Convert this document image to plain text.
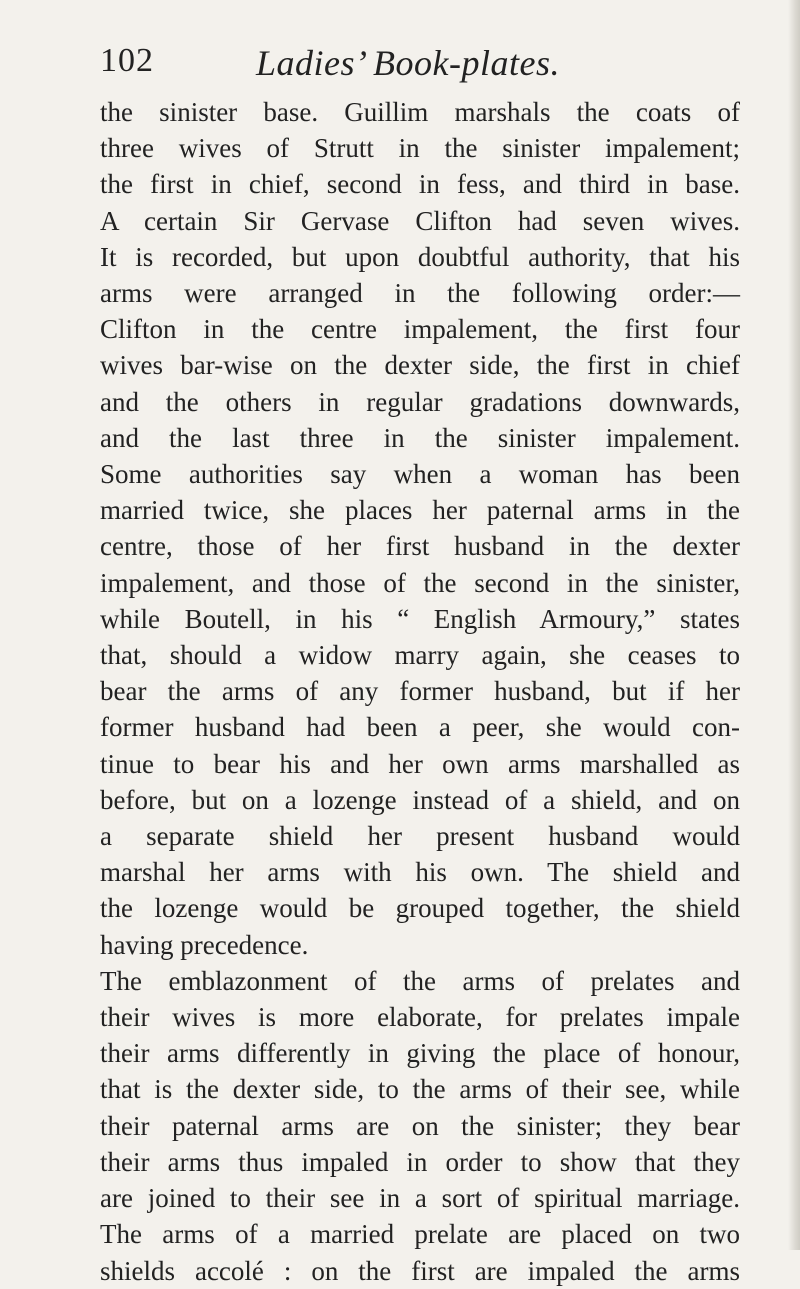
102	Ladies’ Book-plates.
the sinister base. Guillim marshals the coats of
three wives of Strutt in the sinister impalement;
the first in chief, second in fess, and third in base.
A certain Sir Gervase Clifton had seven wives.
It is recorded, but upon doubtful authority, that his
arms were arranged in the following order:—
Clifton in the centre impalement, the first four
wives bar-wise on the dexter side, the first in chief
and the others in regular gradations downwards,
and the last three in the sinister impalement.
Some authorities say when a woman has been
married twice, she places her paternal arms in the
centre, those of her first husband in the dexter
impalement, and those of the second in the sinister,
while Boutell, in his “ English Armoury,” states
that, should a widow marry again, she ceases to
bear the arms of any former husband, but if her
former husband had been a peer, she would con-
tinue to bear his and her own arms marshalled as
before, but on a lozenge instead of a shield, and on
a separate shield her present husband would
marshal her arms with his own. The shield and
the lozenge would be grouped together, the shield
having precedence.
The emblazonment of the arms of prelates and
their wives is more elaborate, for prelates impale
their arms differently in giving the place of honour,
that is the dexter side, to the arms of their see, while
their paternal arms are on the sinister; they bear
their arms thus impaled in order to show that they
are joined to their see in a sort of spiritual marriage.
The arms of a married prelate are placed on two
shields accolé : on the first are impaled the arms
